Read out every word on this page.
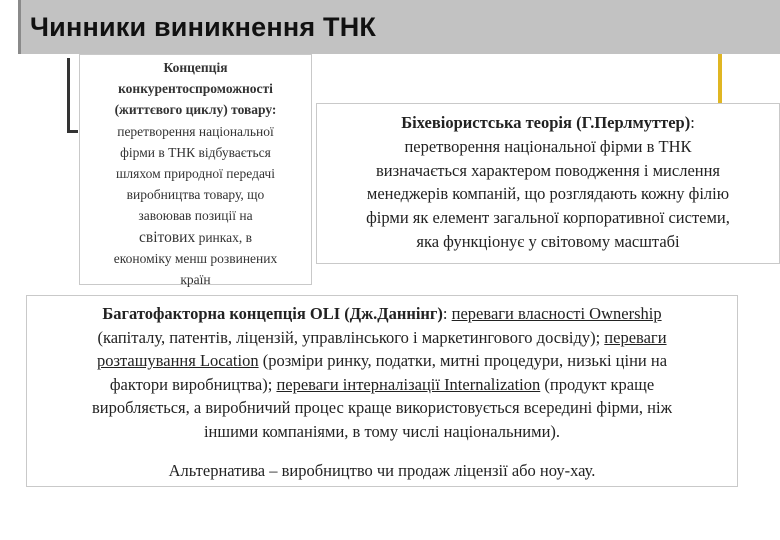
Чинники виникнення ТНК
Концепція
конкурентоспроможності
(життєвого циклу) товару:
перетворення національної
фірми в ТНК відбувається
шляхом природної передачі
виробництва товару, що
завоював позиції на
світових ринках, в
економіку менш розвинених
країн
Біхевіористська теорія (Г.Перлмуттер):
перетворення національної фірми в ТНК
визначається характером поводження і мислення
менеджерів компаній, що розглядають кожну філію
фірми як елемент загальної корпоративної системи,
яка функціонує у світовому масштабі
Багатофакторна концепція OLI (Дж.Даннінг): переваги власності Ownership
(капіталу, патентів, ліцензій, управлінського і маркетингового досвіду); переваги
розташування Location (розміри ринку, податки, митні процедури, низькі ціни на
фактори виробництва); переваги інтерналізації Internalization (продукт краще
виробляється, а виробничий процес краще використовується всередині фірми, ніж
іншими компаніями, в тому числі національними).
Альтернатива – виробництво чи продаж ліцензії або ноу-хау.
